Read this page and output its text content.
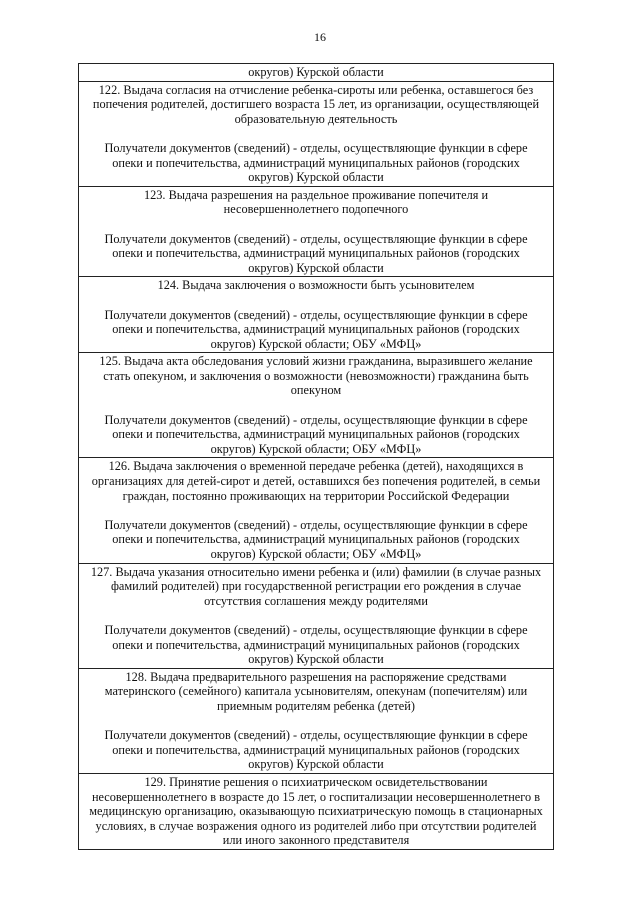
16
округов) Курской области
122. Выдача согласия на отчисление ребенка-сироты или ребенка, оставшегося без
попечения родителей, достигшего возраста 15 лет, из организации, осуществляющей
образовательную деятельность
Получатели документов (сведений) - отделы, осуществляющие функции в сфере
опеки и попечительства, администраций муниципальных районов (городских
округов) Курской области
123. Выдача разрешения на раздельное проживание попечителя и
несовершеннолетнего подопечного
Получатели документов (сведений) - отделы, осуществляющие функции в сфере
опеки и попечительства, администраций муниципальных районов (городских
округов) Курской области
124. Выдача заключения о возможности быть усыновителем
Получатели документов (сведений) - отделы, осуществляющие функции в сфере
опеки и попечительства, администраций муниципальных районов (городских
округов) Курской области; ОБУ «МФЦ»
125. Выдача акта обследования условий жизни гражданина, выразившего желание
стать опекуном, и заключения о возможности (невозможности) гражданина быть
опекуном
Получатели документов (сведений) - отделы, осуществляющие функции в сфере
опеки и попечительства, администраций муниципальных районов (городских
округов) Курской области; ОБУ «МФЦ»
126. Выдача заключения о временной передаче ребенка (детей), находящихся в
организациях для детей-сирот и детей, оставшихся без попечения родителей, в семьи
граждан, постоянно проживающих на территории Российской Федерации
Получатели документов (сведений) - отделы, осуществляющие функции в сфере
опеки и попечительства, администраций муниципальных районов (городских
округов) Курской области; ОБУ «МФЦ»
127. Выдача указания относительно имени ребенка и (или) фамилии (в случае разных
фамилий родителей) при государственной регистрации его рождения в случае
отсутствия соглашения между родителями
Получатели документов (сведений) - отделы, осуществляющие функции в сфере
опеки и попечительства, администраций муниципальных районов (городских
округов) Курской области
128. Выдача предварительного разрешения на распоряжение средствами
материнского (семейного) капитала усыновителям, опекунам (попечителям) или
приемным родителям ребенка (детей)
Получатели документов (сведений) - отделы, осуществляющие функции в сфере
опеки и попечительства, администраций муниципальных районов (городских
округов) Курской области
129. Принятие решения о психиатрическом освидетельствовании
несовершеннолетнего в возрасте до 15 лет, о госпитализации несовершеннолетнего в
медицинскую организацию, оказывающую психиатрическую помощь в стационарных
условиях, в случае возражения одного из родителей либо при отсутствии родителей
или иного законного представителя
